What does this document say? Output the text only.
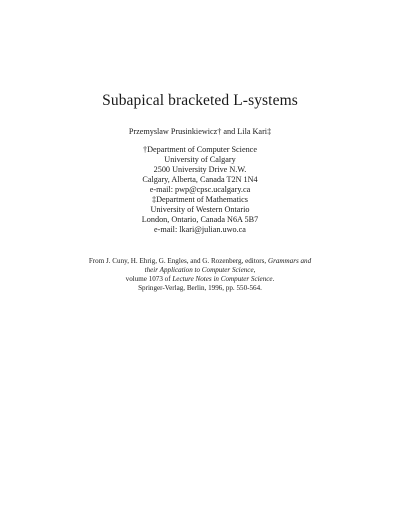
Subapical bracketed L-systems
Przemyslaw Prusinkiewicz† and Lila Kari‡
†Department of Computer Science
University of Calgary
2500 University Drive N.W.
Calgary, Alberta, Canada T2N 1N4
e-mail: pwp@cpsc.ucalgary.ca
‡Department of Mathematics
University of Western Ontario
London, Ontario, Canada N6A 5B7
e-mail: lkari@julian.uwo.ca
From J. Cuny, H. Ehrig, G. Engles, and G. Rozenberg, editors, Grammars and
their Application to Computer Science,
volume 1073 of Lecture Notes in Computer Science.
Springer-Verlag, Berlin, 1996, pp. 550-564.
